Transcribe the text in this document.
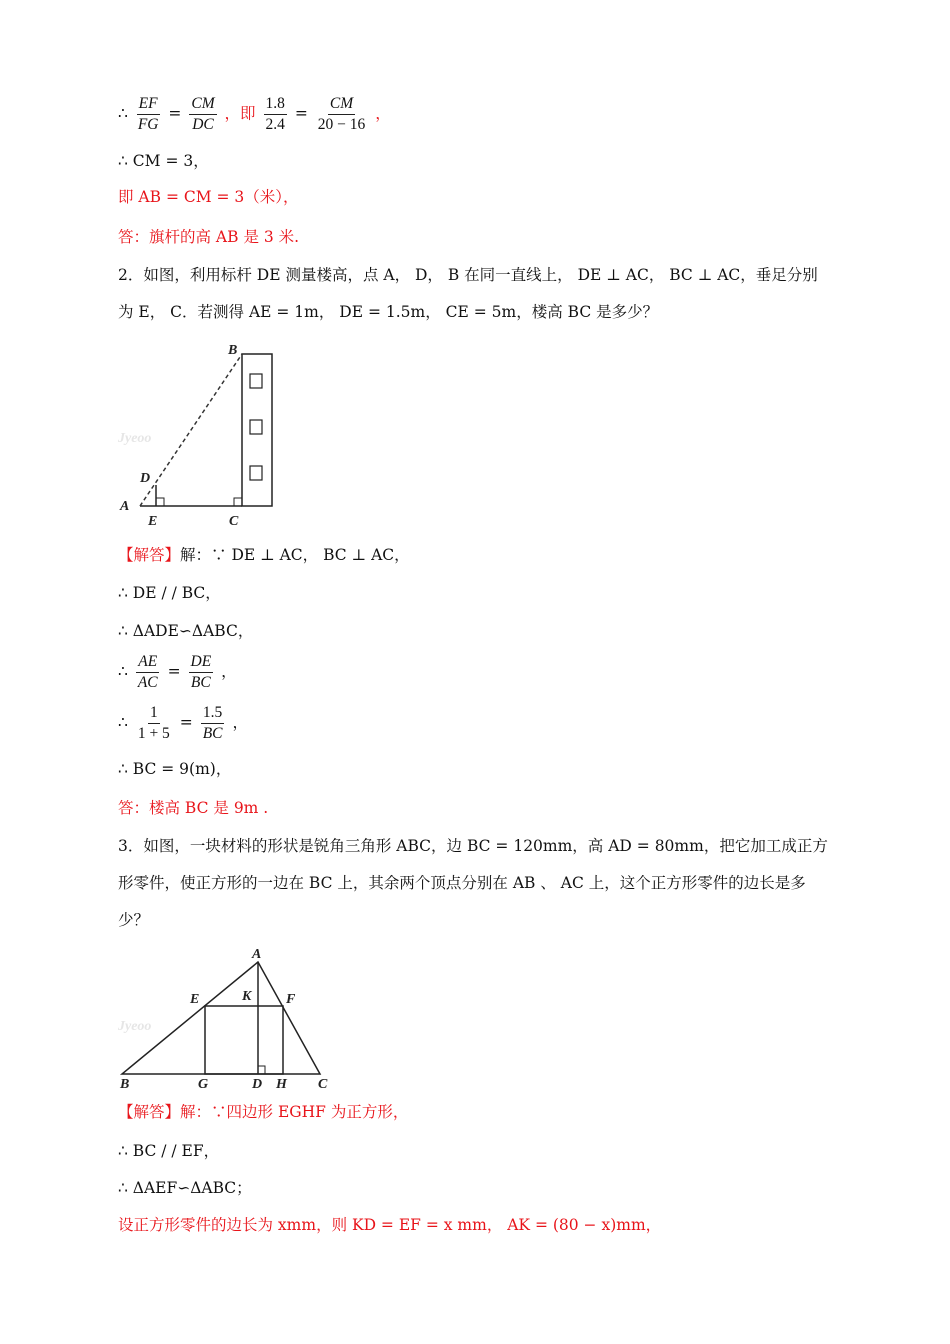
∴ $\frac{EF}{FG} = \frac{CM}{DC}$ ，即 $\frac{1.8}{2.4} = \frac{CM}{20 - 16}$ ，
∴ CM = 3，
即 AB = CM = 3（米），
答：旗杆的高 AB 是 3 米.
2．如图，利用标杆 DE 测量楼高，点 A， D， B 在同一直线上， DE ⊥ AC， BC ⊥ AC，垂足分别
为 E， C．若测得 AE = 1m， DE = 1.5m， CE = 5m，楼高 BC 是多少？
Jyeoo
B
D
A
E	C
【解答】解：∵ DE ⊥ AC， BC ⊥ AC，
∴ DE / / BC，
∴ ΔADE∽ΔABC，
∴ $\frac{AE}{AC} = \frac{DE}{BC}$ ，
∴ $\frac{1}{1 + 5} = \frac{1.5}{BC}$ ，
∴ BC = 9(m)，
答：楼高 BC 是 9m .
3．如图，一块材料的形状是锐角三角形 ABC，边 BC = 120mm，高 AD = 80mm，把它加工成正方
形零件，使正方形的一边在 BC 上，其余两个顶点分别在 AB 、 AC 上，这个正方形零件的边长是多
少？
Jyeoo
A
E	K F
B	G	D H C
【解答】解：∵四边形 EGHF 为正方形，
∴ BC / / EF，
∴ ΔAEF∽ΔABC；
设正方形零件的边长为 xmm，则 KD = EF = x mm， AK = (80 − x)mm，
